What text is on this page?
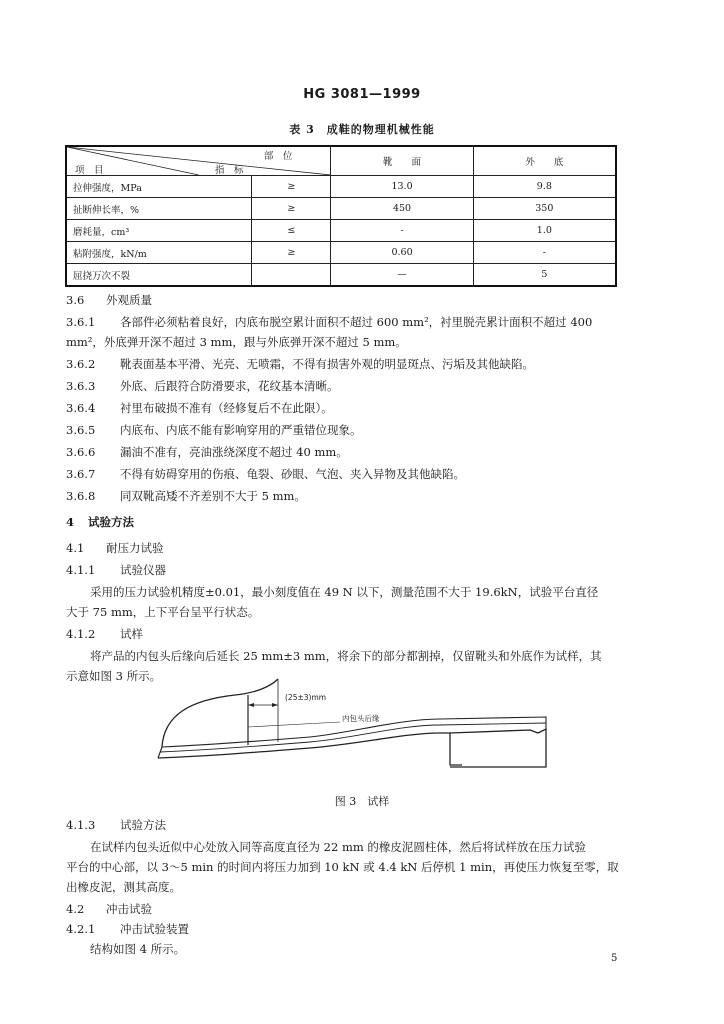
HG 3081—1999
表 3　成鞋的物理机械性能
部　位
项　目 指　标		靴　　面	外　　底
拉伸强度，MPa	≥	13.0	9.8
扯断伸长率，%	≥	450	350
磨耗量，cm³	≤	-	1.0
粘附强度，kN/m	≥	0.60	-
屈挠万次不裂		—	5
3.6 外观质量
3.6.1 各部件必须粘着良好，内底布脱空累计面积不超过 600 mm²，衬里脱壳累计面积不超过 400
mm²，外底弹开深不超过 3 mm，跟与外底弹开深不超过 5 mm。
3.6.2 靴表面基本平滑、光亮、无喷霜，不得有损害外观的明显斑点、污垢及其他缺陷。
3.6.3 外底、后跟符合防滑要求，花纹基本清晰。
3.6.4 衬里布破损不准有（经修复后不在此限）。
3.6.5 内底布、内底不能有影响穿用的严重错位现象。
3.6.6 漏油不准有，亮油涨绕深度不超过 40 mm。
3.6.7 不得有妨碍穿用的伤痕、龟裂、砂眼、气泡、夹入异物及其他缺陷。
3.6.8 同双靴高矮不齐差别不大于 5 mm。
4 试验方法
4.1 耐压力试验
4.1.1 试验仪器
采用的压力试验机精度±0.01，最小刻度值在 49 N 以下，测量范围不大于 19.6kN，试验平台直径
大于 75 mm，上下平台呈平行状态。
4.1.2 试样
将产品的内包头后缘向后延长 25 mm±3 mm，将余下的部分都割掉，仅留靴头和外底作为试样，其
示意如图 3 所示。
(25±3)mm
内包头后缘
图 3　试样
4.1.3 试验方法
在试样内包头近似中心处放入同等高度直径为 22 mm 的橡皮泥圆柱体，然后将试样放在压力试验
平台的中心部，以 3～5 min 的时间内将压力加到 10 kN 或 4.4 kN 后停机 1 min，再使压力恢复至零，取
出橡皮泥，测其高度。
4.2 冲击试验
4.2.1 冲击试验装置
结构如图 4 所示。
5
